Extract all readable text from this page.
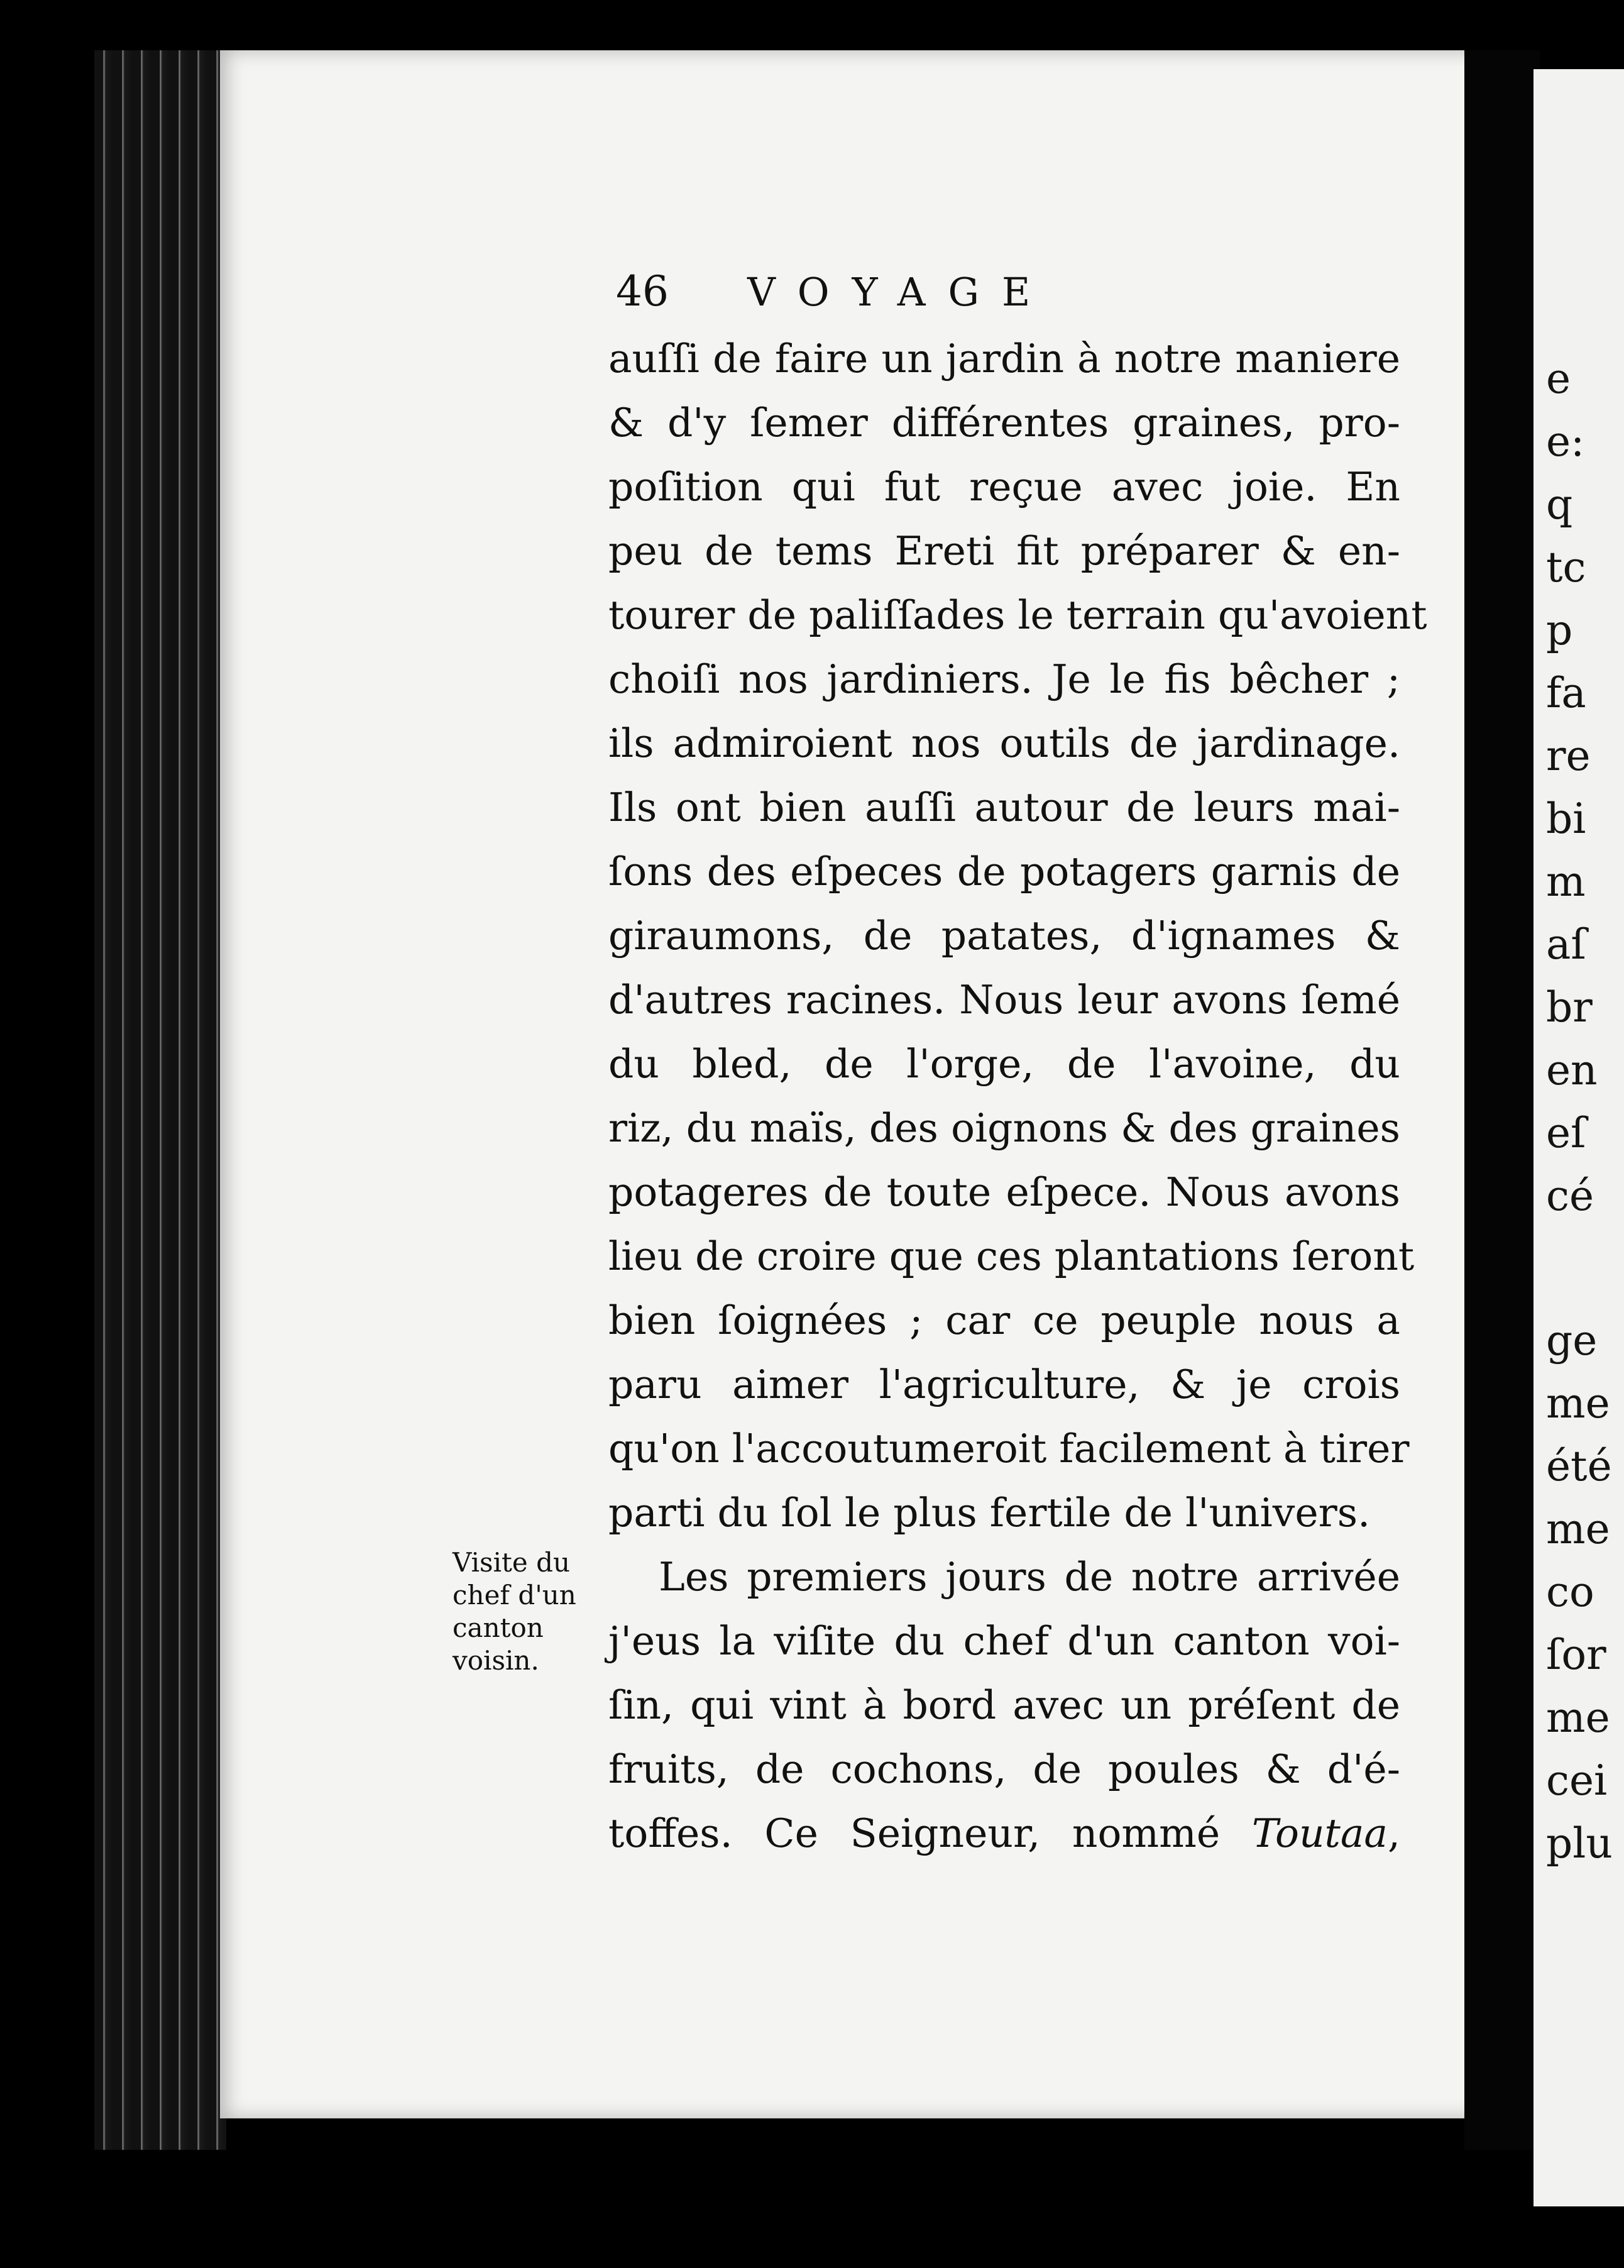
e
e:
q
tc
p
fa
re
bi
m
aſ
br
en
eſ
cé
ge
me
été
me
co
ſor
me
cei
plu
46 VOYAGE
Visite du
chef d'un
canton
voisin.
auſſi de faire un jardin à notre maniere
& d'y ſemer différentes graines, pro-
poſition qui fut reçue avec joie. En
peu de tems Ereti fit préparer & en-
tourer de paliſſades le terrain qu'avoient
choiſi nos jardiniers. Je le fis bêcher ;
ils admiroient nos outils de jardinage.
Ils ont bien auſſi autour de leurs mai-
ſons des eſpeces de potagers garnis de
giraumons, de patates, d'ignames &
d'autres racines. Nous leur avons ſemé
du bled, de l'orge, de l'avoine, du
riz, du maïs, des oignons & des graines
potageres de toute eſpece. Nous avons
lieu de croire que ces plantations ſeront
bien ſoignées ; car ce peuple nous a
paru aimer l'agriculture, & je crois
qu'on l'accoutumeroit facilement à tirer
parti du ſol le plus fertile de l'univers.
Les premiers jours de notre arrivée
j'eus la viſite du chef d'un canton voi-
ſin, qui vint à bord avec un préſent de
fruits, de cochons, de poules & d'é-
toffes. Ce Seigneur, nommé Toutaa,
